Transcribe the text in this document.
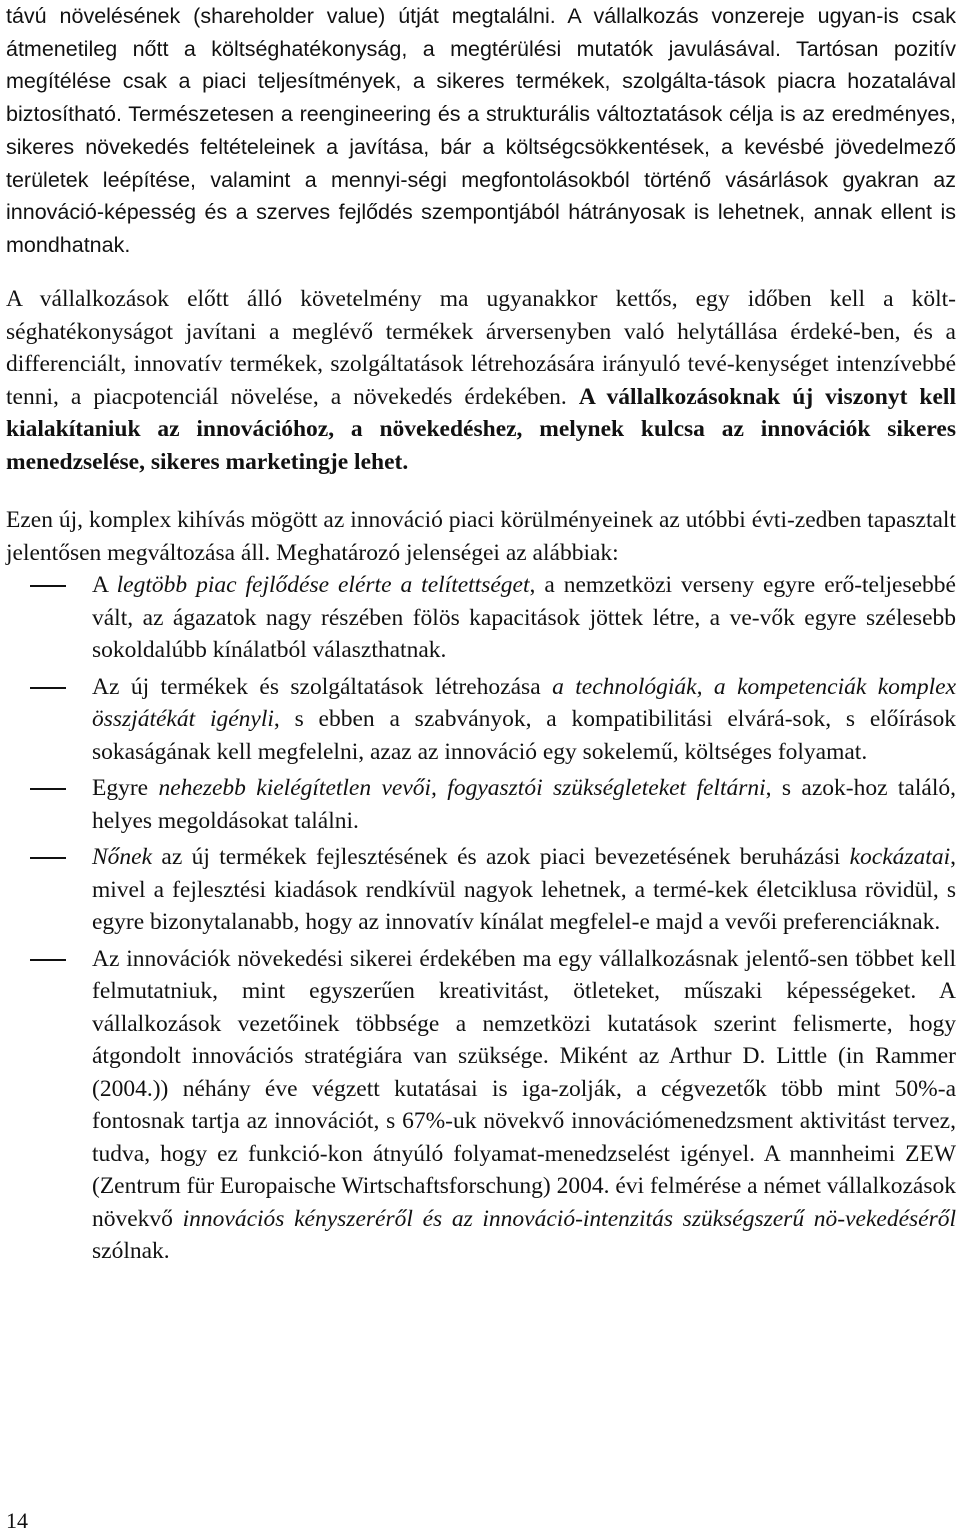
távú növelésének (shareholder value) útját megtalálni. A vállalkozás vonzereje ugyan-is csak átmenetileg nőtt a költséghatékonyság, a megtérülési mutatók javulásával. Tartósan pozitív megítélése csak a piaci teljesítmények, a sikeres termékek, szolgálta-tások piacra hozatalával biztosítható. Természetesen a reengineering és a strukturális változtatások célja is az eredményes, sikeres növekedés feltételeinek a javítása, bár a költségcsökkentések, a kevésbé jövedelmező területek leépítése, valamint a mennyi-ségi megfontolásokból történő vásárlások gyakran az innováció-képesség és a szerves fejlődés szempontjából hátrányosak is lehetnek, annak ellent is mondhatnak.

A vállalkozások előtt álló követelmény ma ugyanakkor kettős, egy időben kell a költ-séghatékonyságot javítani a meglévő termékek árversenyben való helytállása érdeké-ben, és a differenciált, innovatív termékek, szolgáltatások létrehozására irányuló tevé-kenységet intenzívebbé tenni, a piacpotenciál növelése, a növekedés érdekében. A vállalkozásoknak új viszonyt kell kialakítaniuk az innovációhoz, a növekedéshez, melynek kulcsa az innovációk sikeres menedzselése, sikeres marketingje lehet.

Ezen új, komplex kihívás mögött az innováció piaci körülményeinek az utóbbi évti-zedben tapasztalt jelentősen megváltozása áll. Meghatározó jelenségei az alábbiak:

A legtöbb piac fejlődése elérte a telítettséget, a nemzetközi verseny egyre erő-teljesebbé vált, az ágazatok nagy részében fölös kapacitások jöttek létre, a ve-vők egyre szélesebb sokoldalúbb kínálatból választhatnak.
Az új termékek és szolgáltatások létrehozása a technológiák, a kompetenciák komplex összjátékát igényli, s ebben a szabványok, a kompatibilitási elvárá-sok, s előírások sokaságának kell megfelelni, azaz az innováció egy sokelemű, költséges folyamat.
Egyre nehezebb kielégítetlen vevői, fogyasztói szükségleteket feltárni, s azok-hoz találó, helyes megoldásokat találni.
Nőnek az új termékek fejlesztésének és azok piaci bevezetésének beruházási kockázatai, mivel a fejlesztési kiadások rendkívül nagyok lehetnek, a termé-kek életciklusa rövidül, s egyre bizonytalanabb, hogy az innovatív kínálat megfelel-e majd a vevői preferenciáknak.
Az innovációk növekedési sikerei érdekében ma egy vállalkozásnak jelentő-sen többet kell felmutatniuk, mint egyszerűen kreativitást, ötleteket, műszaki képességeket. A vállalkozások vezetőinek többsége a nemzetközi kutatások szerint felismerte, hogy átgondolt innovációs stratégiára van szüksége. Miként az Arthur D. Little (in Rammer (2004.)) néhány éve végzett kutatásai is iga-zolják, a cégvezetők több mint 50%-a fontosnak tartja az innovációt, s 67%-uk növekvő innovációmenedzsment aktivitást tervez, tudva, hogy ez funkció-kon átnyúló folyamat-menedzselést igényel. A mannheimi ZEW (Zentrum für Europaische Wirtschaftsforschung) 2004. évi felmérése a német vállalkozások növekvő innovációs kényszeréről és az innováció-intenzitás szükségszerű nö-vekedéséről szólnak.
14
